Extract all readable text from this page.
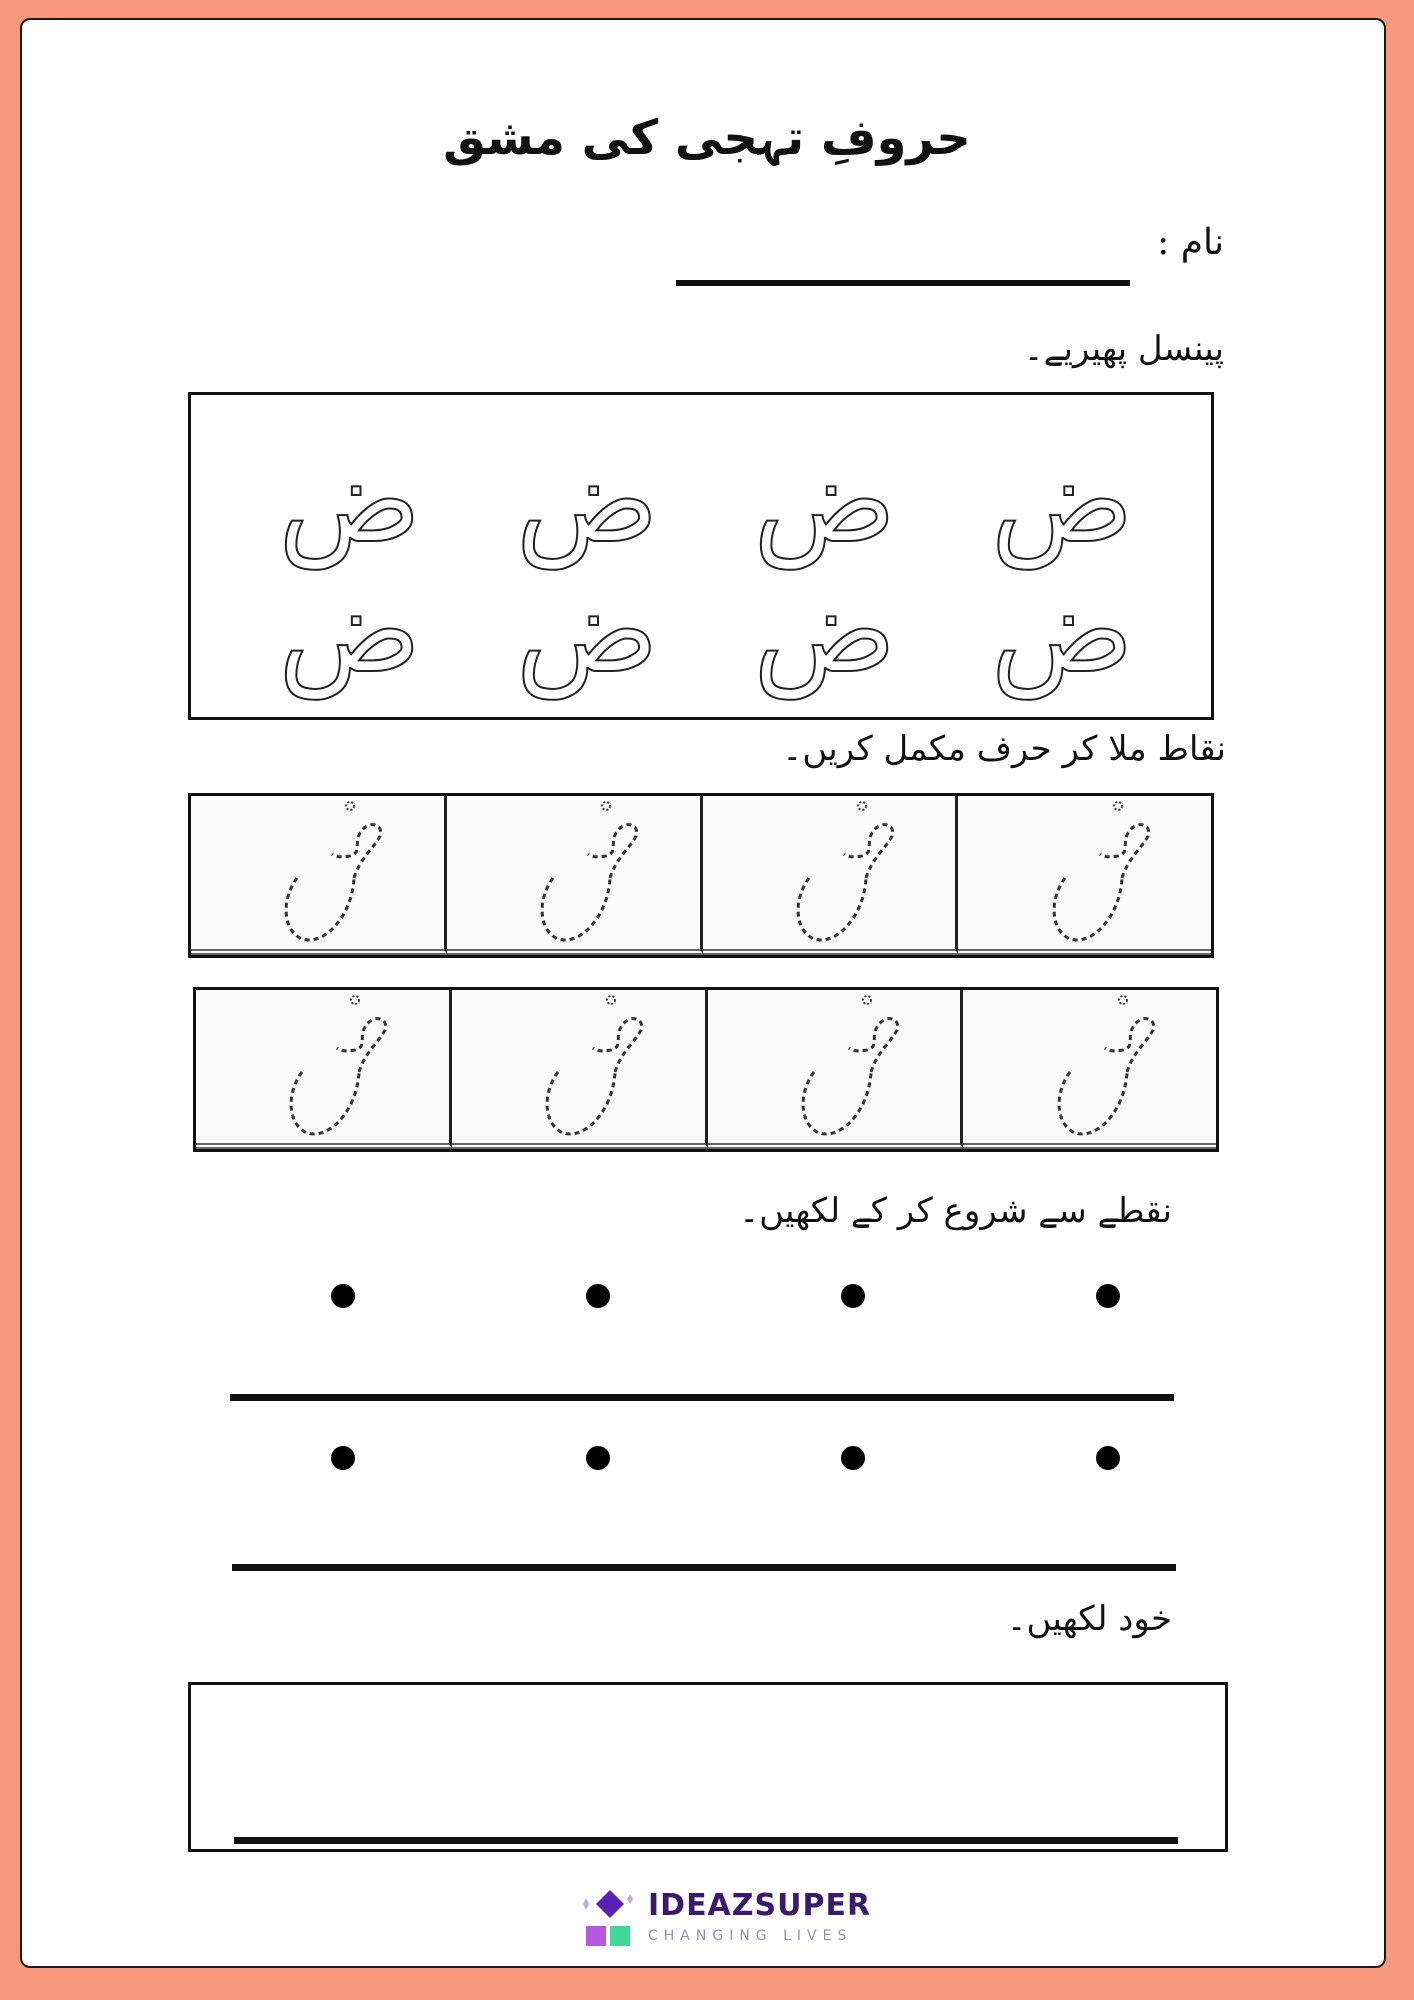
حروفِ تہجی کی مشق
نام :
پینسل پھیریے۔
ض
ض
ض
ض
ض
ض
ض
ض
نقاط ملا کر حرف مکمل کریں۔
نقطے سے شروع کر کے لکھیں۔
خود لکھیں۔
IDEAZSUPER
CHANGING LIVES
